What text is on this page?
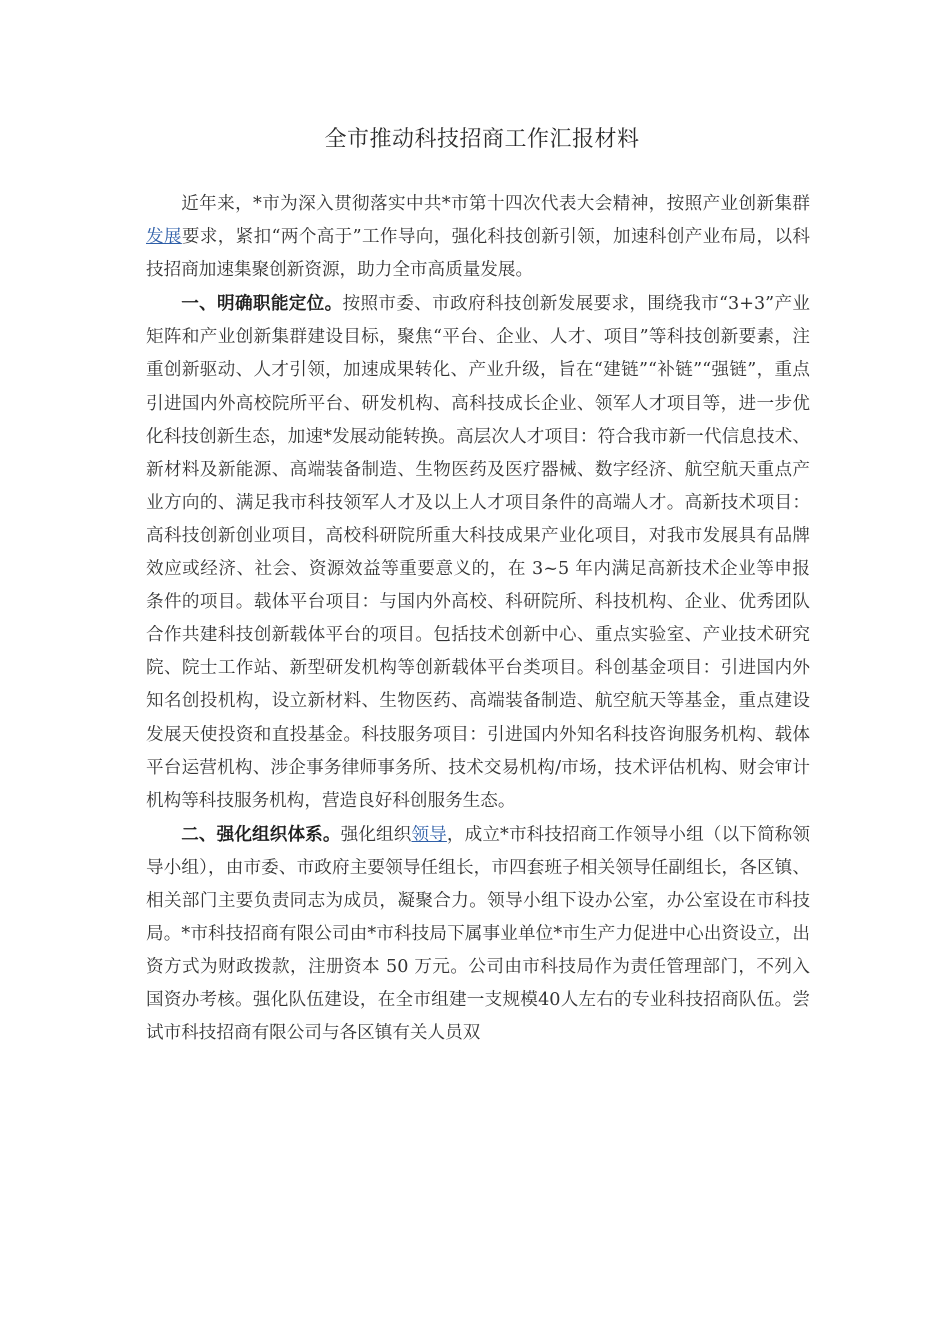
全市推动科技招商工作汇报材料

近年来，*市为深入贯彻落实中共*市第十四次代表大会精神，按照产业创新集群发展要求，紧扣“两个高于”工作导向，强化科技创新引领，加速科创产业布局，以科技招商加速集聚创新资源，助力全市高质量发展。

一、明确职能定位。按照市委、市政府科技创新发展要求，围绕我市“3+3”产业矩阵和产业创新集群建设目标，聚焦“平台、企业、人才、项目”等科技创新要素，注重创新驱动、人才引领，加速成果转化、产业升级，旨在“建链”“补链”“强链”，重点引进国内外高校院所平台、研发机构、高科技成长企业、领军人才项目等，进一步优化科技创新生态，加速*发展动能转换。高层次人才项目：符合我市新一代信息技术、新材料及新能源、高端装备制造、生物医药及医疗器械、数字经济、航空航天重点产业方向的、满足我市科技领军人才及以上人才项目条件的高端人才。高新技术项目：高科技创新创业项目，高校科研院所重大科技成果产业化项目，对我市发展具有品牌效应或经济、社会、资源效益等重要意义的，在 3~5 年内满足高新技术企业等申报条件的项目。载体平台项目：与国内外高校、科研院所、科技机构、企业、优秀团队合作共建科技创新载体平台的项目。包括技术创新中心、重点实验室、产业技术研究院、院士工作站、新型研发机构等创新载体平台类项目。科创基金项目：引进国内外知名创投机构，设立新材料、生物医药、高端装备制造、航空航天等基金，重点建设发展天使投资和直投基金。科技服务项目：引进国内外知名科技咨询服务机构、载体平台运营机构、涉企事务律师事务所、技术交易机构/市场，技术评估机构、财会审计机构等科技服务机构，营造良好科创服务生态。

二、强化组织体系。强化组织领导，成立*市科技招商工作领导小组（以下简称领导小组），由市委、市政府主要领导任组长，市四套班子相关领导任副组长，各区镇、相关部门主要负责同志为成员，凝聚合力。领导小组下设办公室，办公室设在市科技局。*市科技招商有限公司由*市科技局下属事业单位*市生产力促进中心出资设立，出资方式为财政拨款，注册资本 50 万元。公司由市科技局作为责任管理部门，不列入国资办考核。强化队伍建设，在全市组建一支规模40人左右的专业科技招商队伍。尝试市科技招商有限公司与各区镇有关人员双
